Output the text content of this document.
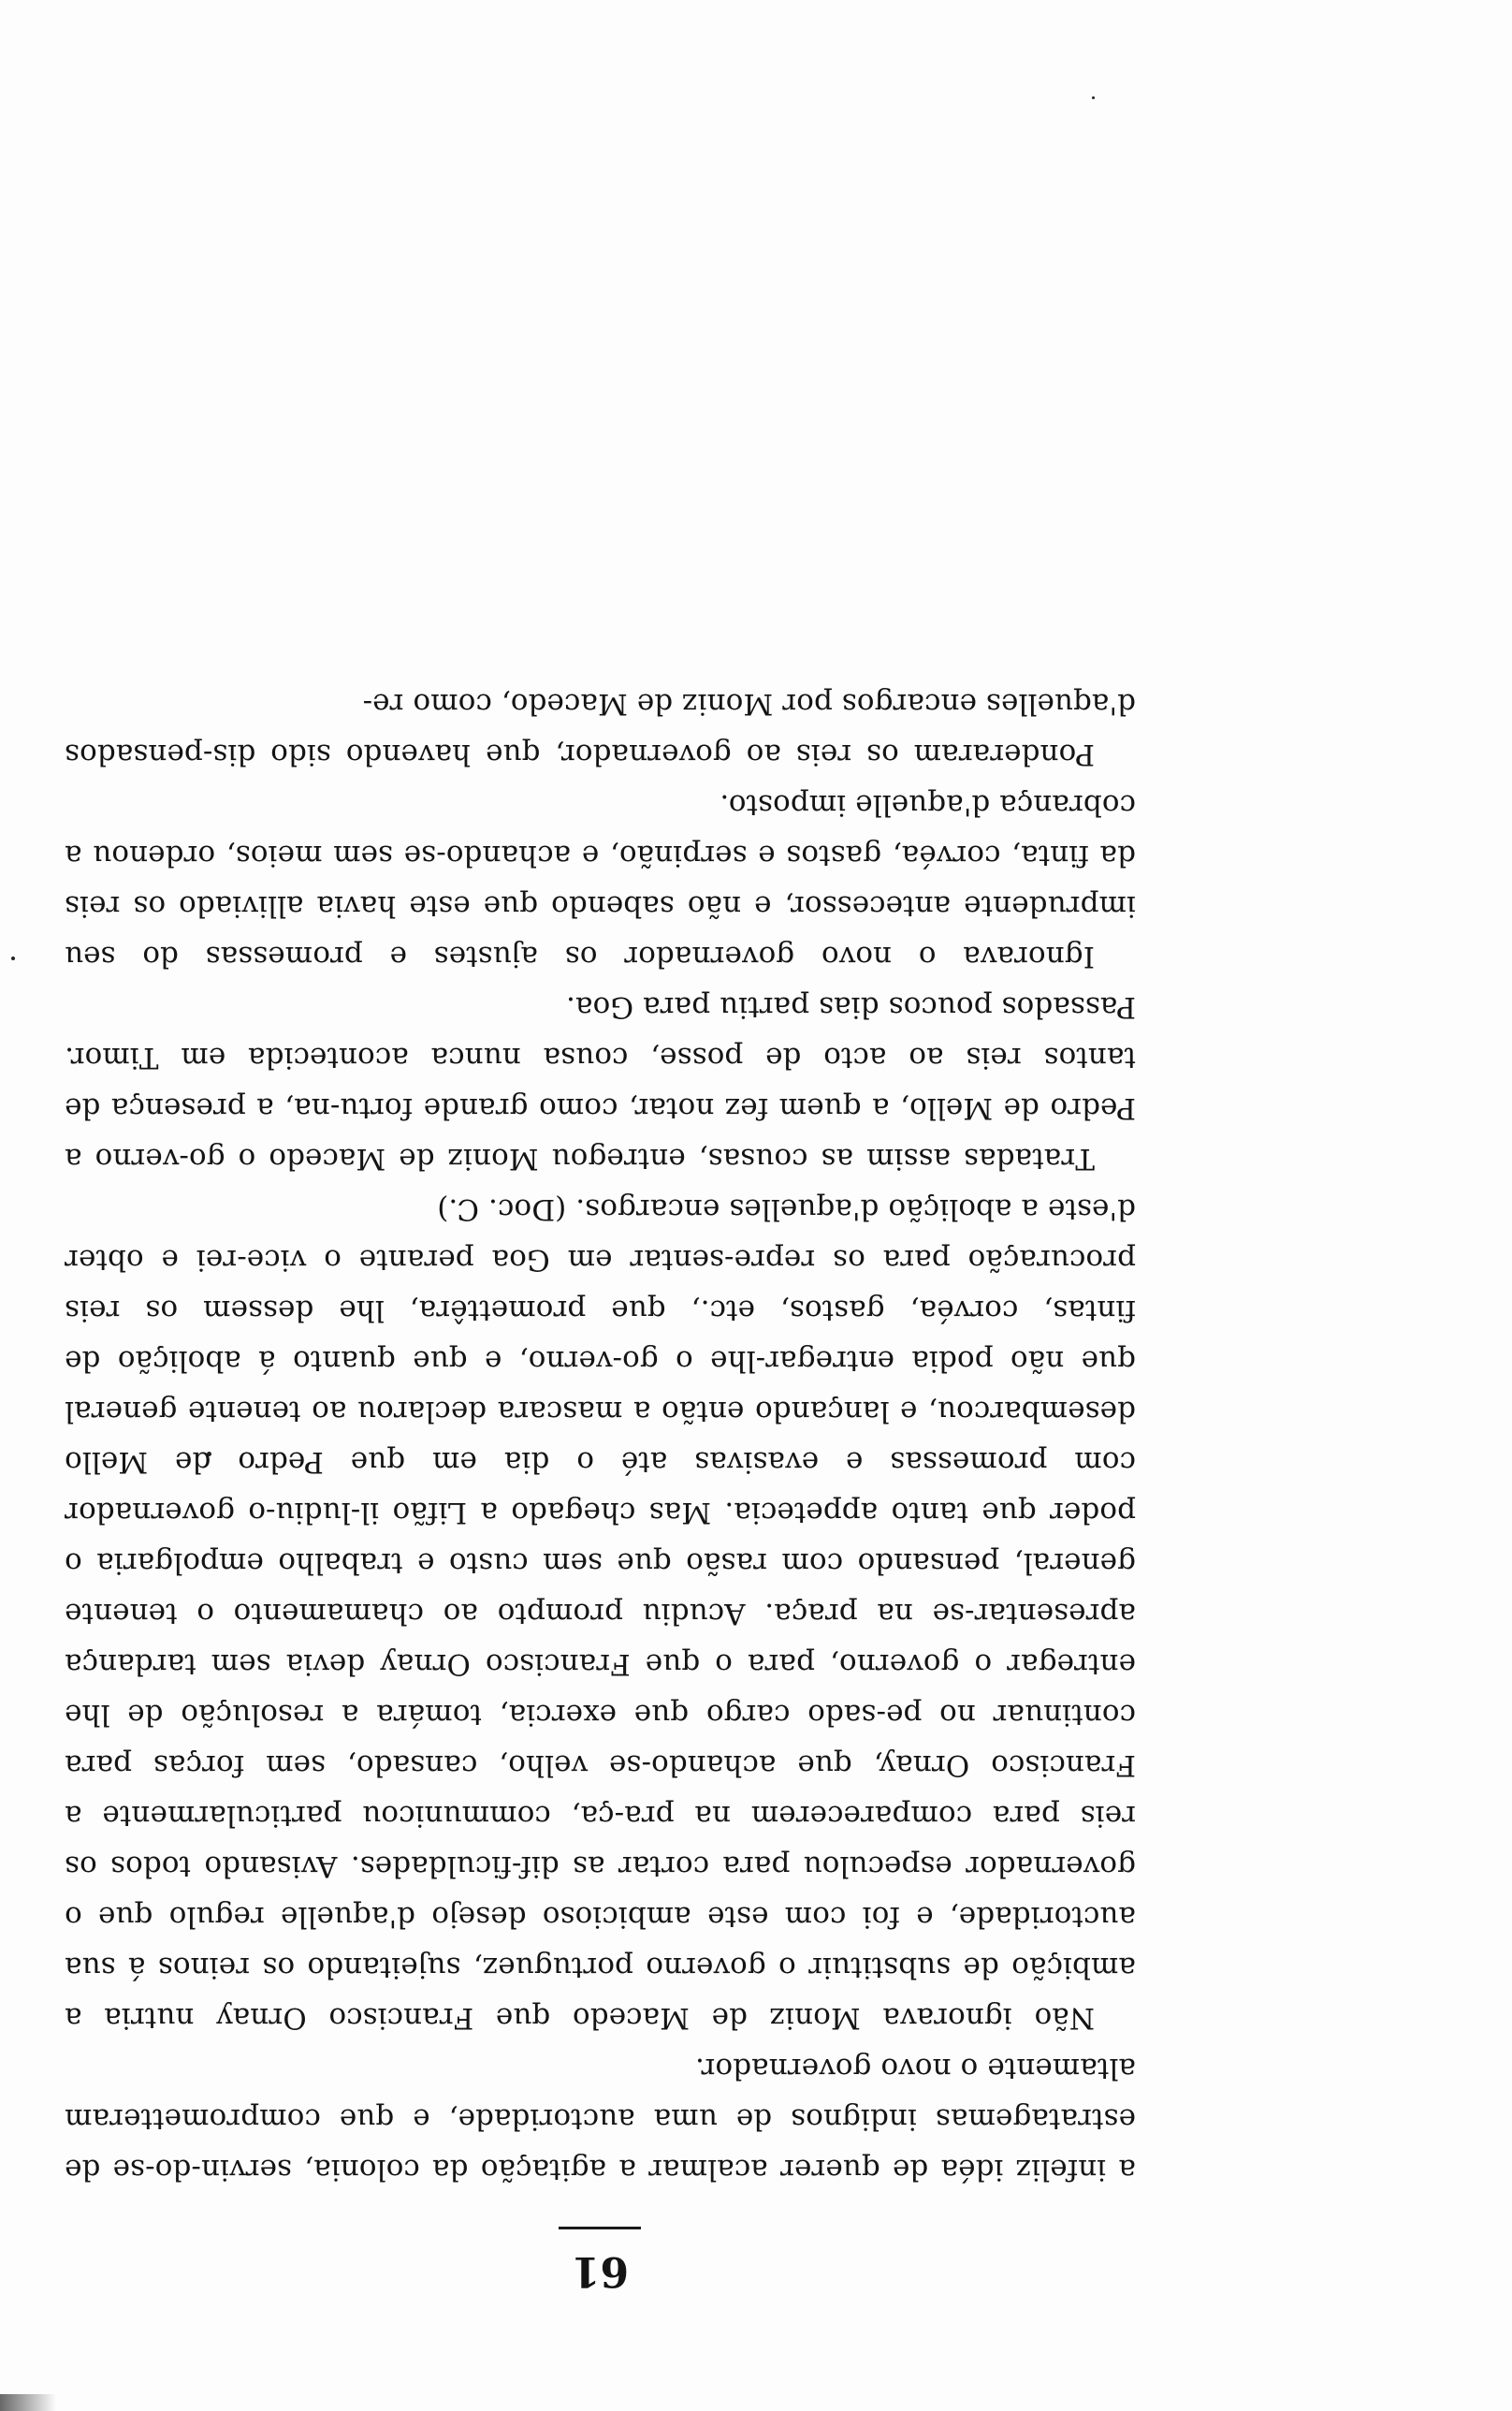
61

a infeliz idéa de querer acalmar a agitação da colonia, servin-do-se de estratagemas indignos de uma auctoridade, e que comprometteram altamente o novo governador.

Não ignorava Moniz de Macedo que Francisco Ornay nutria a ambição de substituir o governo portuguez, sujeitando os reinos á sua auctoridade, e foi com este ambicioso desejo d'aquelle regulo que o governador especulou para cortar as dif-ficuldades. Avisando todos os reis para comparecerem na pra-ça, communicou particularmente a Francisco Ornay, que achando-se velho, cansado, sem forças para continuar no pe-sado cargo que exercia, tomára a resolução de lhe entregar o governo, para o que Francisco Ornay devia sem tardança apresentar-se na praça. Acudiu prompto ao chamamento o tenente general, pensando com rasão que sem custo e trabalho empolgaria o poder que tanto appetecia. Mas chegado a Lifão il-ludiu-o governador com promessas e evasivas até o dia em que Pedro de Mello desembarcou, e lançando então a mascara declarou ao tenente general que não podia entregar-lhe o go-verno, e que quanto á abolição de fintas, corvéa, gastos, etc., que promettêra, lhe dessem os reis procuração para os repre-sentar em Goa perante o vice-rei e obter d'este a abolição d'aquelles encargos. (Doc. C.)

Tratadas assim as cousas, entregou Moniz de Macedo o go-verno a Pedro de Mello, a quem fez notar, como grande fortu-na, a presença de tantos reis ao acto de posse, cousa nunca acontecida em Timor. Passados poucos dias partiu para Goa.

Ignorava o novo governador os ajustes e promessas do seu imprudente antecessor, e não sabendo que este havia alliviado os reis da finta, corvéa, gastos e serpinão, e achando-se sem meios, ordenou a cobrança d'aquelle imposto.

Ponderaram os reis ao governador, que havendo sido dis-pensados d'aquelles encargos por Moniz de Macedo, como re-
